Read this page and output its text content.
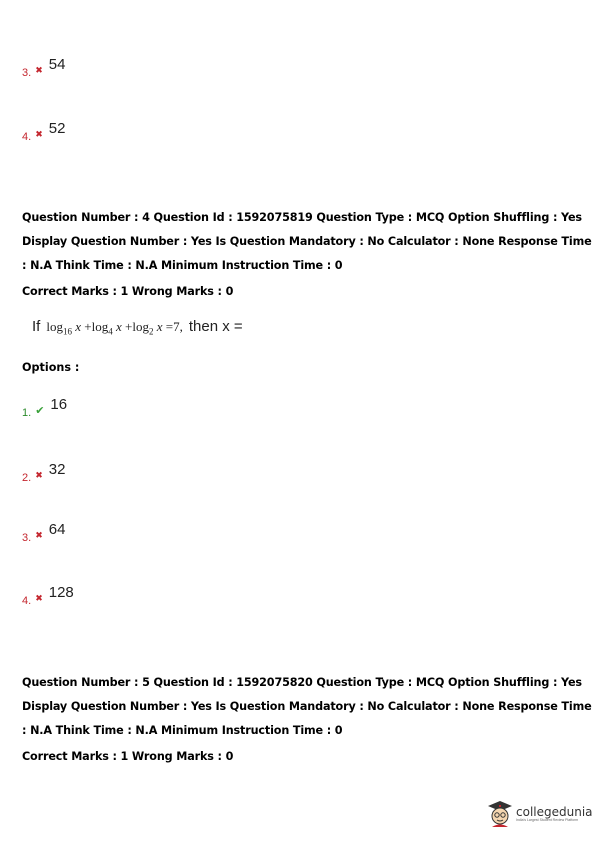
3. ✖ 54
4. ✖ 52

Question Number : 4 Question Id : 1592075819 Question Type : MCQ Option Shuffling : Yes

Display Question Number : Yes Is Question Mandatory : No Calculator : None Response Time

: N.A Think Time : N.A Minimum Instruction Time : 0

Correct Marks : 1 Wrong Marks : 0

If $\log_{16} x +\log_4$ $x +\log_2$ x =7, then x =
Options :
1. ✔ 16
2. ✖ 32
3. ✖ 64
4. ✖ 128

Question Number : 5 Question Id : 1592075820 Question Type : MCQ Option Shuffling : Yes

Display Question Number : Yes Is Question Mandatory : No Calculator : None Response Time

: N.A Think Time : N.A Minimum Instruction Time : 0

Correct Marks : 1 Wrong Marks : 0

collegedunia
India's Largest Student Review Platform
